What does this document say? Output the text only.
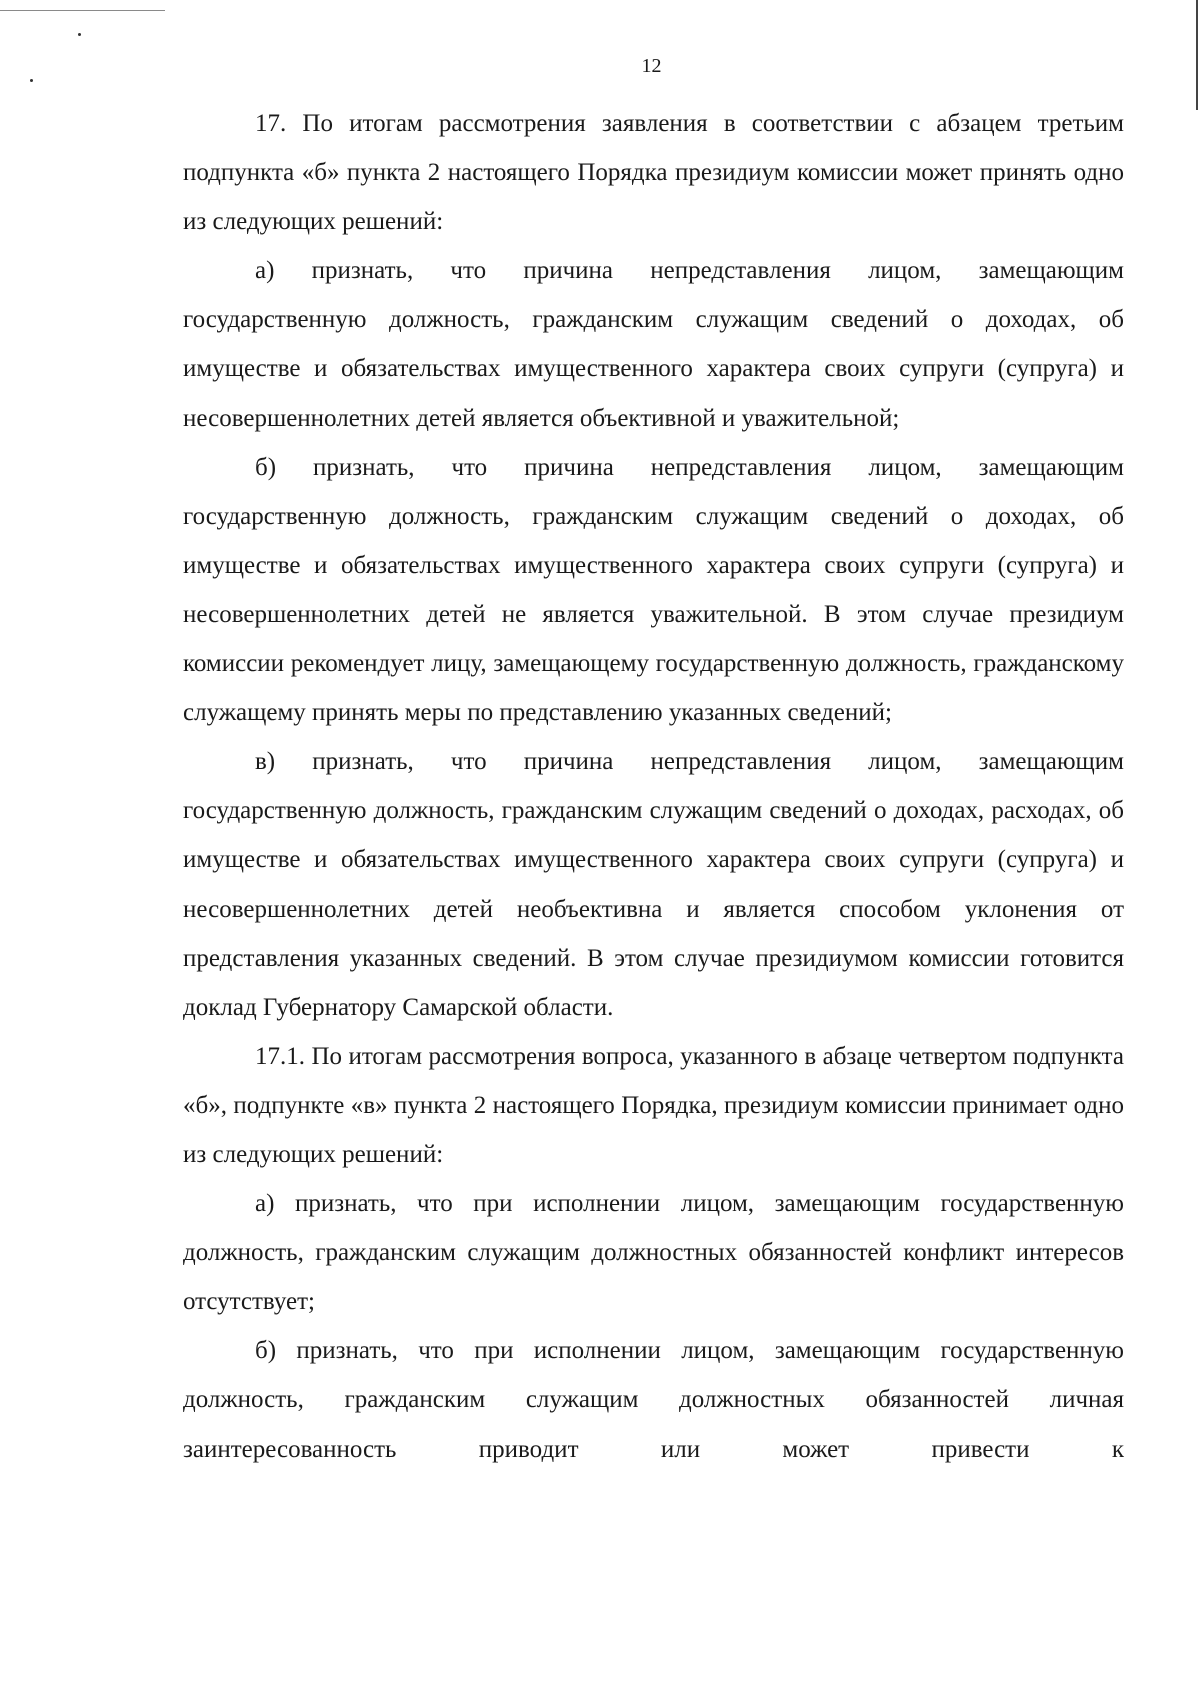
12

17. По итогам рассмотрения заявления в соответствии с абзацем третьим подпункта «б» пункта 2 настоящего Порядка президиум комиссии может принять одно из следующих решений:

а) признать, что причина непредставления лицом, замещающим государственную должность, гражданским служащим сведений о доходах, об имуществе и обязательствах имущественного характера своих супруги (супруга) и несовершеннолетних детей является объективной и уважительной;

б) признать, что причина непредставления лицом, замещающим государственную должность, гражданским служащим сведений о доходах, об имуществе и обязательствах имущественного характера своих супруги (супруга) и несовершеннолетних детей не является уважительной. В этом случае президиум комиссии рекомендует лицу, замещающему государственную должность, гражданскому служащему принять меры по представлению указанных сведений;

в) признать, что причина непредставления лицом, замещающим государственную должность, гражданским служащим сведений о доходах, расходах, об имуществе и обязательствах имущественного характера своих супруги (супруга) и несовершеннолетних детей необъективна и является способом уклонения от представления указанных сведений. В этом случае президиумом комиссии готовится доклад Губернатору Самарской области.

17.1. По итогам рассмотрения вопроса, указанного в абзаце четвертом подпункта «б», подпункте «в» пункта 2 настоящего Порядка, президиум комиссии принимает одно из следующих решений:

а) признать, что при исполнении лицом, замещающим государственную должность, гражданским служащим должностных обязанностей конфликт интересов отсутствует;

б) признать, что при исполнении лицом, замещающим государственную должность, гражданским служащим должностных обязанностей личная заинтересованность приводит или может привести к
